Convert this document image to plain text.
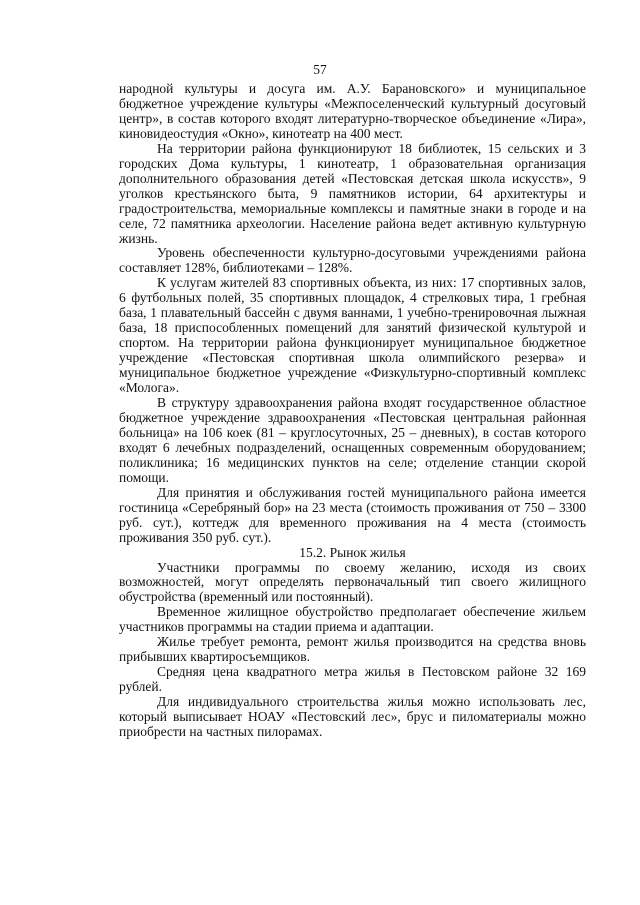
57

народной культуры и досуга им. А.У. Барановского» и муниципальное бюджетное учреждение культуры «Межпоселенческий культурный досуговый центр», в состав которого входят литературно-творческое объединение «Лира», киновидеостудия «Окно», кинотеатр на 400 мест.

На территории района функционируют 18 библиотек, 15 сельских и 3 городских Дома культуры, 1 кинотеатр, 1 образовательная организация дополнительного образования детей «Пестовская детская школа искусств», 9 уголков крестьянского быта, 9 памятников истории, 64 архитектуры и градостроительства, мемориальные комплексы и памятные знаки в городе и на селе, 72 памятника археологии. Население района ведет активную культурную жизнь.

Уровень обеспеченности культурно-досуговыми учреждениями района составляет 128%, библиотеками – 128%.

К услугам жителей 83 спортивных объекта, из них: 17 спортивных залов, 6 футбольных полей, 35 спортивных площадок, 4 стрелковых тира, 1 гребная база, 1 плавательный бассейн с двумя ваннами, 1 учебно-тренировочная лыжная база, 18 приспособленных помещений для занятий физической культурой и спортом. На территории района функционирует муниципальное бюджетное учреждение «Пестовская спортивная школа олимпийского резерва» и муниципальное бюджетное учреждение «Физкультурно-спортивный комплекс «Молога».

В структуру здравоохранения района входят государственное областное бюджетное учреждение здравоохранения «Пестовская центральная районная больница» на 106 коек (81 – круглосуточных, 25 – дневных), в состав которого входят 6 лечебных подразделений, оснащенных современным оборудованием; поликлиника; 16 медицинских пунктов на селе; отделение станции скорой помощи.

Для принятия и обслуживания гостей муниципального района имеется гостиница «Серебряный бор» на 23 места (стоимость проживания от 750 – 3300 руб. сут.), коттедж для временного проживания на 4 места (стоимость проживания 350 руб. сут.).

15.2. Рынок жилья

Участники программы по своему желанию, исходя из своих возможностей, могут определять первоначальный тип своего жилищного обустройства (временный или постоянный).

Временное жилищное обустройство предполагает обеспечение жильем участников программы на стадии приема и адаптации.

Жилье требует ремонта, ремонт жилья производится на средства вновь прибывших квартиросъемщиков.

Средняя цена квадратного метра жилья в Пестовском районе 32 169 рублей.

Для индивидуального строительства жилья можно использовать лес, который выписывает НОАУ «Пестовский лес», брус и пиломатериалы можно приобрести на частных пилорамах.
